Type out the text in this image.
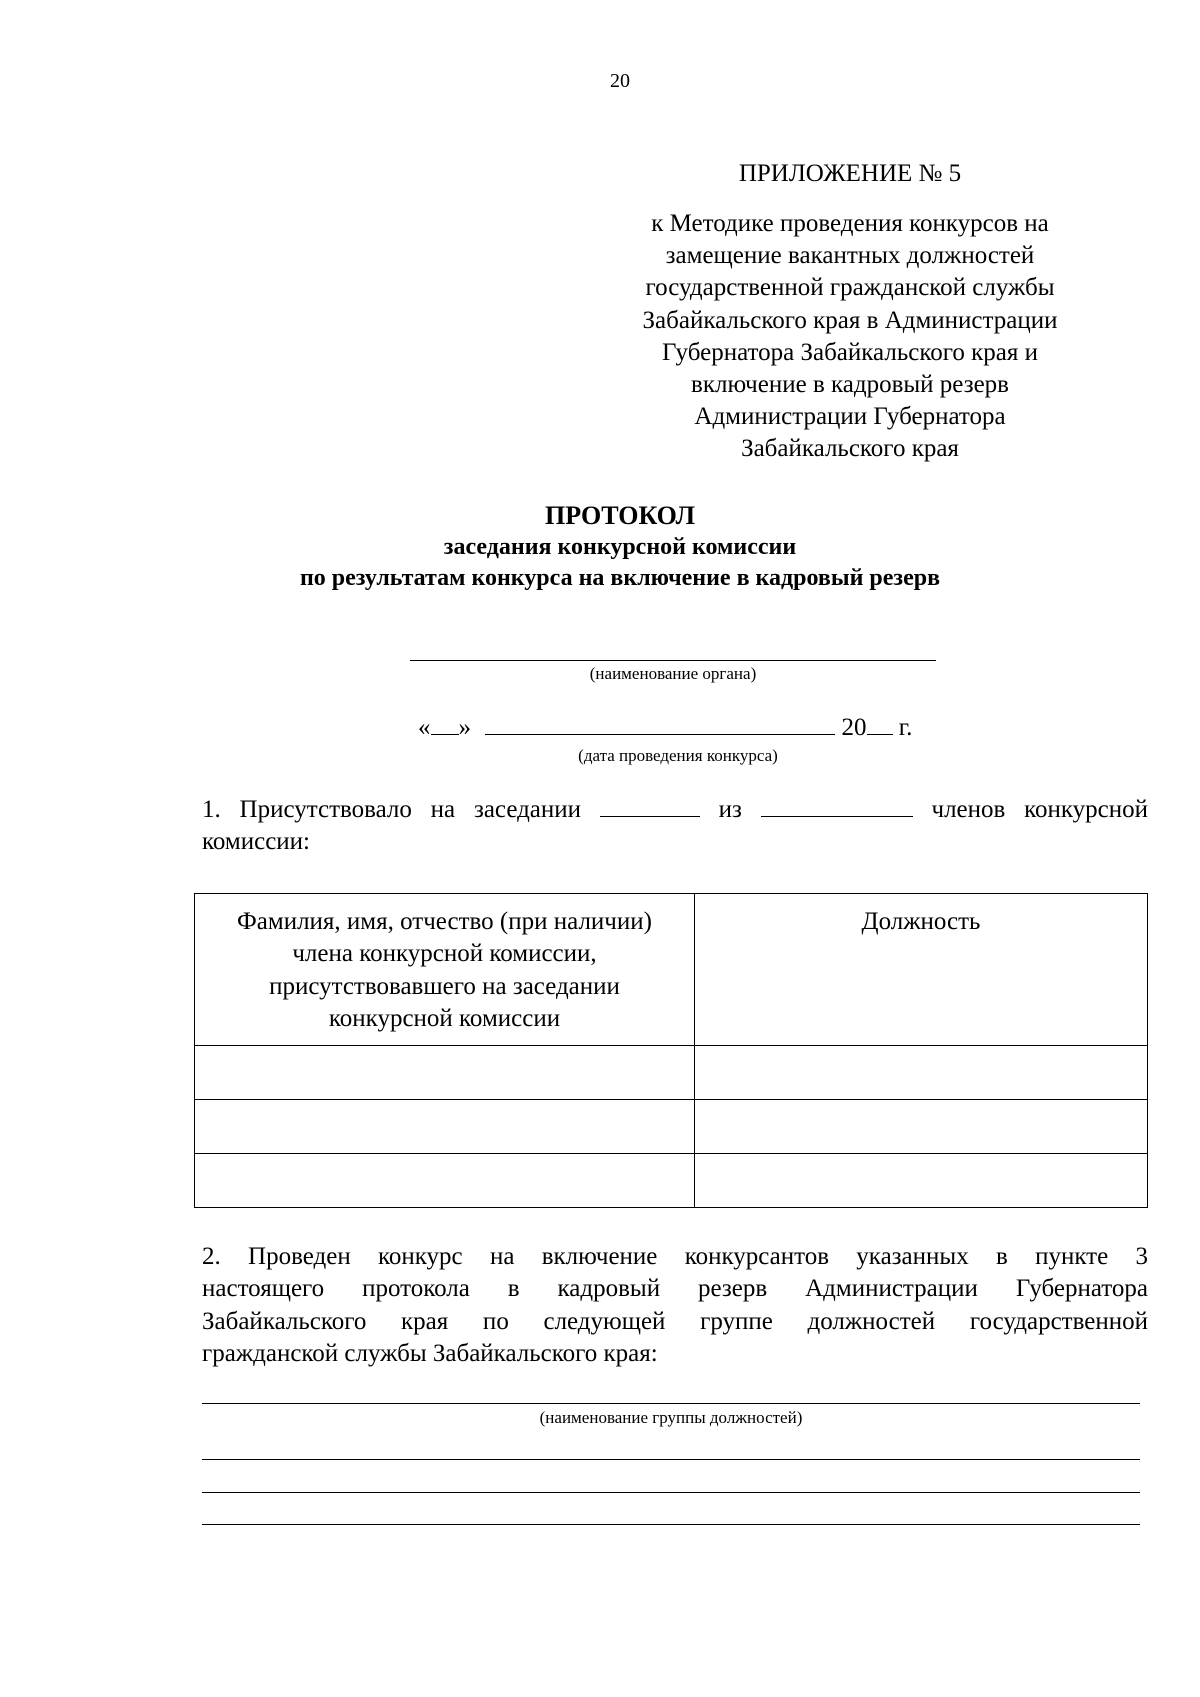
20
ПРИЛОЖЕНИЕ № 5
к Методике проведения конкурсов на
замещение вакантных должностей
государственной гражданской службы
Забайкальского края в Администрации
Губернатора Забайкальского края и
включение в кадровый резерв
Администрации Губернатора
Забайкальского края
ПРОТОКОЛ
заседания конкурсной комиссии
по результатам конкурса на включение в кадровый резерв
(наименование органа)
« »	20 г.
(дата проведения конкурса)
1. Присутствовало на заседании	из	членов конкурсной
комиссии:
Фамилия, имя, отчество (при наличии)
члена конкурсной комиссии,
присутствовавшего на заседании
конкурсной комиссии	Должность

2. Проведен конкурс на включение конкурсантов указанных в пункте 3
настоящего протокола в кадровый резерв Администрации Губернатора
Забайкальского края по следующей группе должностей государственной
гражданской службы Забайкальского края:
(наименование группы должностей)
